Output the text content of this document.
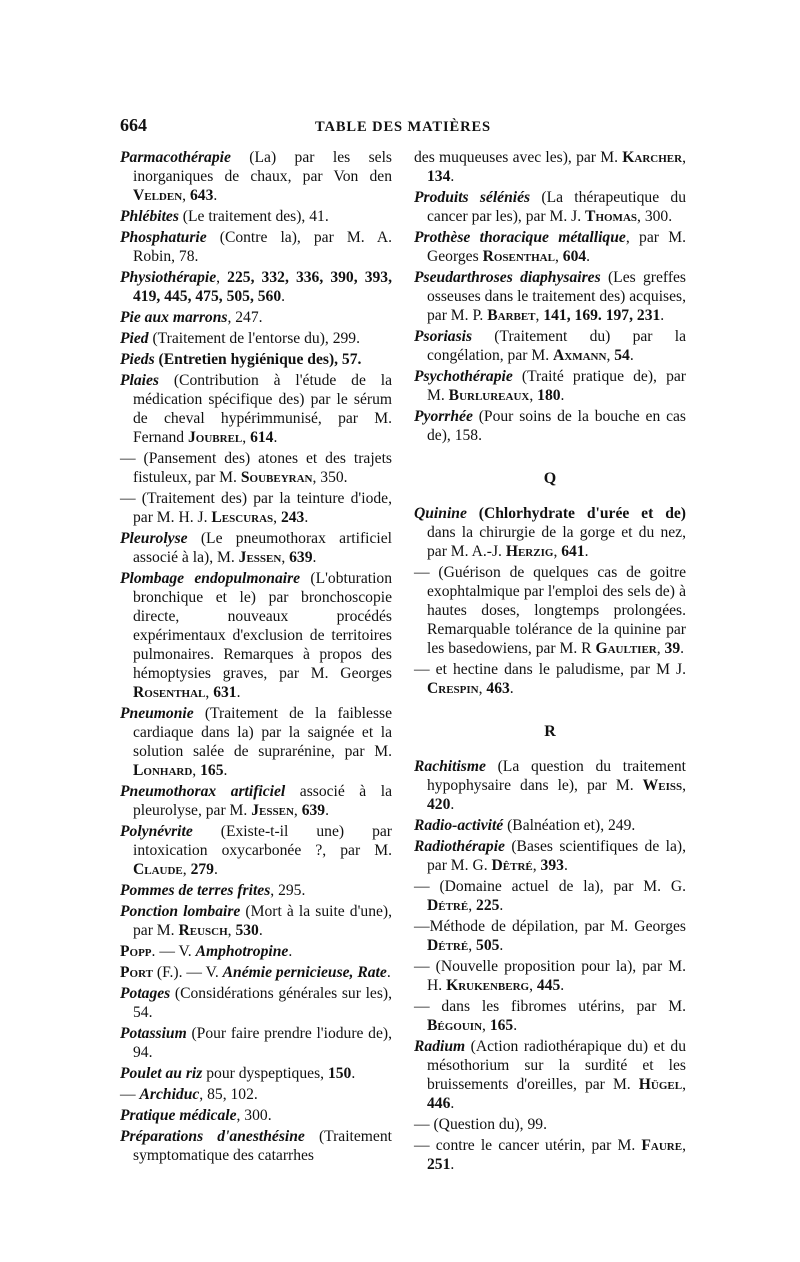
664	TABLE DES MATIÈRES

Parmacothérapie (La) par les sels inorganiques de chaux, par Von den Velden, 643.

Phlébites (Le traitement des), 41.

Phosphaturie (Contre la), par M. A. Robin, 78.

Physiothérapie, 225, 332, 336, 390, 393, 419, 445, 475, 505, 560.

Pie aux marrons, 247.

Pied (Traitement de l'entorse du), 299.

Pieds (Entretien hygiénique des), 57.

Plaies (Contribution à l'étude de la médication spécifique des) par le sérum de cheval hypérimmunisé, par M. Fernand Joubrel, 614.

— (Pansement des) atones et des trajets fistuleux, par M. Soubeyran, 350.

— (Traitement des) par la teinture d'iode, par M. H. J. Lescuras, 243.

Pleurolyse (Le pneumothorax artificiel associé à la), M. Jessen, 639.

Plombage endopulmonaire (L'obturation bronchique et le) par bronchoscopie directe, nouveaux procédés expérimentaux d'exclusion de territoires pulmonaires. Remarques à propos des hémoptysies graves, par M. Georges Rosenthal, 631.

Pneumonie (Traitement de la faiblesse cardiaque dans la) par la saignée et la solution salée de suprarénine, par M. Lonhard, 165.

Pneumothorax artificiel associé à la pleurolyse, par M. Jessen, 639.

Polynévrite (Existe-t-il une) par intoxication oxycarbonée ?, par M. Claude, 279.

Pommes de terres frites, 295.

Ponction lombaire (Mort à la suite d'une), par M. Reusch, 530.

Popp. — V. Amphotropine.

Port (F.). — V. Anémie pernicieuse, Rate.

Potages (Considérations générales sur les), 54.

Potassium (Pour faire prendre l'iodure de), 94.

Poulet au riz pour dyspeptiques, 150.

— Archiduc, 85, 102.

Pratique médicale, 300.

Préparations d'anesthésine (Traitement symptomatique des catarrhes

des muqueuses avec les), par M. Karcher, 134.

Produits séléniés (La thérapeutique du cancer par les), par M. J. Thomas, 300.

Prothèse thoracique métallique, par M. Georges Rosenthal, 604.

Pseudarthroses diaphysaires (Les greffes osseuses dans le traitement des) acquises, par M. P. Barbet, 141, 169. 197, 231.

Psoriasis (Traitement du) par la congélation, par M. Axmann, 54.

Psychothérapie (Traité pratique de), par M. Burlureaux, 180.

Pyorrhée (Pour soins de la bouche en cas de), 158.

Q

Quinine (Chlorhydrate d'urée et de) dans la chirurgie de la gorge et du nez, par M. A.-J. Herzig, 641.

— (Guérison de quelques cas de goitre exophtalmique par l'emploi des sels de) à hautes doses, longtemps prolongées. Remarquable tolérance de la quinine par les basedowiens, par M. R Gaultier, 39.

— et hectine dans le paludisme, par M J. Crespin, 463.

R

Rachitisme (La question du traitement hypophysaire dans le), par M. Weiss, 420.

Radio-activité (Balnéation et), 249.

Radiothérapie (Bases scientifiques de la), par M. G. Dêtré, 393.

— (Domaine actuel de la), par M. G. Détré, 225.

—Méthode de dépilation, par M. Georges Détré, 505.

— (Nouvelle proposition pour la), par M. H. Krukenberg, 445.

— dans les fibromes utérins, par M. Bégouin, 165.

Radium (Action radiothérapique du) et du mésothorium sur la surdité et les bruissements d'oreilles, par M. Hügel, 446.

— (Question du), 99.

— contre le cancer utérin, par M. Faure, 251.
